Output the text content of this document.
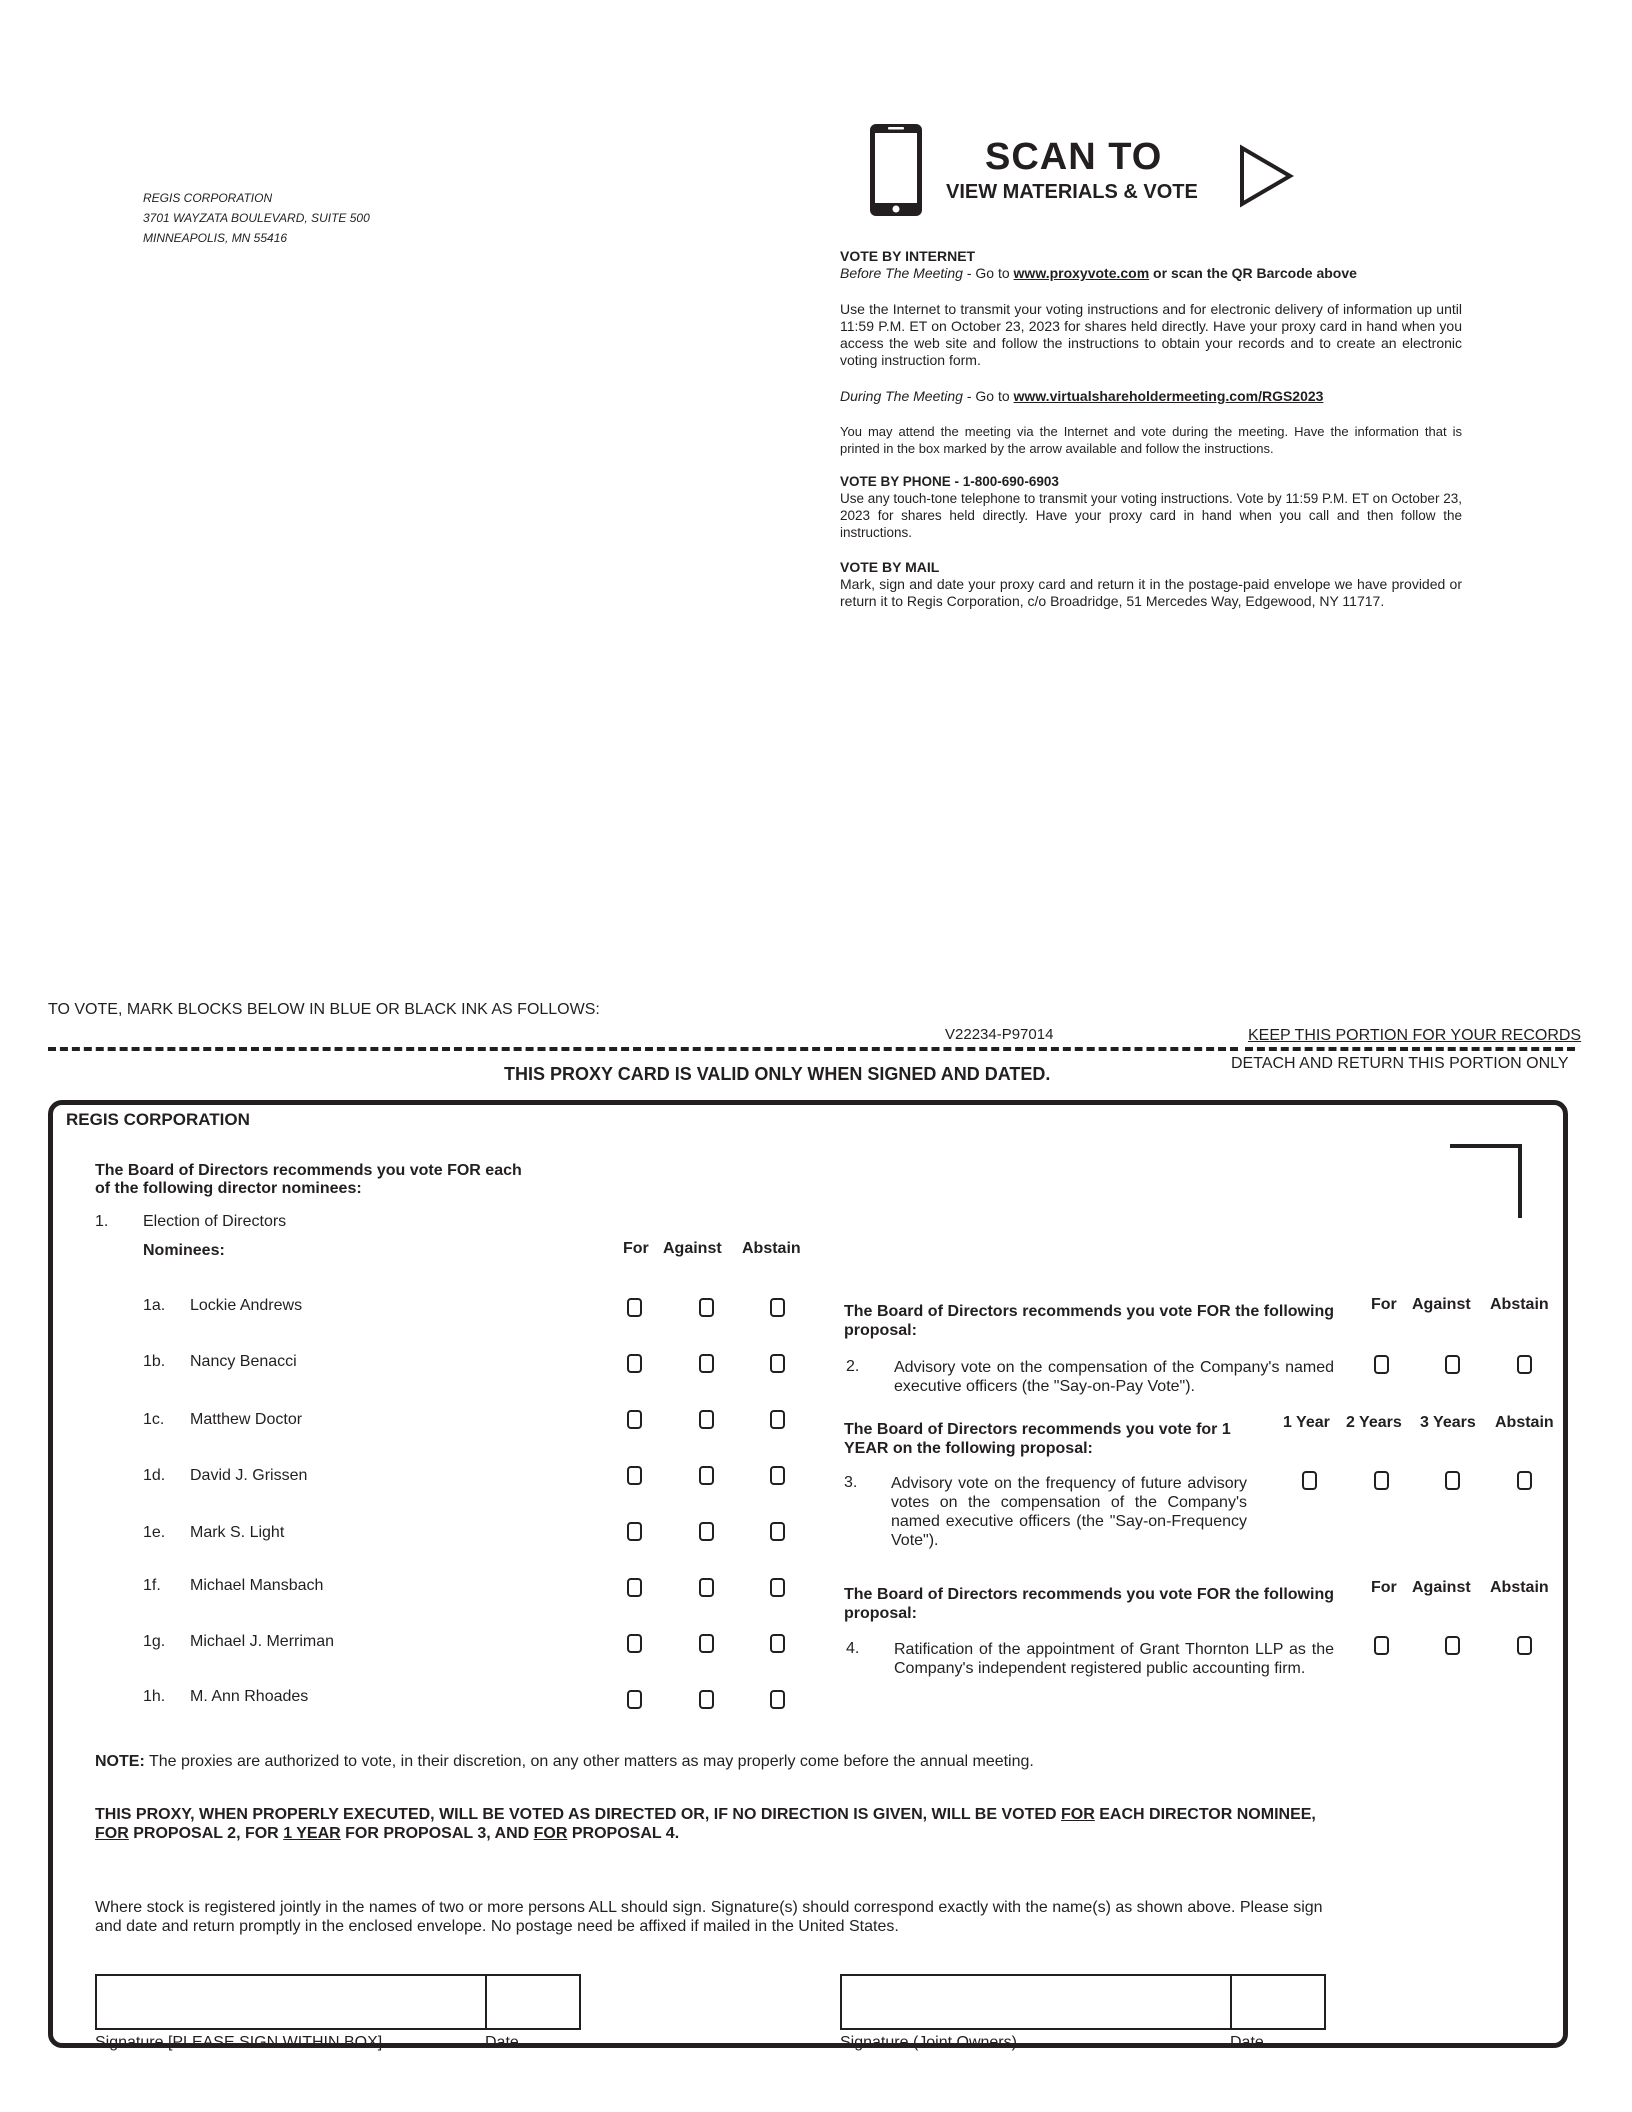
REGIS CORPORATION
3701 WAYZATA BOULEVARD, SUITE 500
MINNEAPOLIS, MN 55416
SCAN TO
VIEW MATERIALS & VOTE
VOTE BY INTERNET
Before The Meeting - Go to www.proxyvote.com or scan the QR Barcode above
Use the Internet to transmit your voting instructions and for electronic delivery of information up until 11:59 P.M. ET on October 23, 2023 for shares held directly. Have your proxy card in hand when you access the web site and follow the instructions to obtain your records and to create an electronic voting instruction form.
During The Meeting - Go to www.virtualshareholdermeeting.com/RGS2023
You may attend the meeting via the Internet and vote during the meeting. Have the information that is printed in the box marked by the arrow available and follow the instructions.
VOTE BY PHONE - 1-800-690-6903
Use any touch-tone telephone to transmit your voting instructions. Vote by 11:59 P.M. ET on October 23, 2023 for shares held directly. Have your proxy card in hand when you call and then follow the instructions.
VOTE BY MAIL
Mark, sign and date your proxy card and return it in the postage-paid envelope we have provided or return it to Regis Corporation, c/o Broadridge, 51 Mercedes Way, Edgewood, NY 11717.
TO VOTE, MARK BLOCKS BELOW IN BLUE OR BLACK INK AS FOLLOWS:
V22234-P97014	KEEP THIS PORTION FOR YOUR RECORDS
DETACH AND RETURN THIS PORTION ONLY
THIS PROXY CARD IS VALID ONLY WHEN SIGNED AND DATED.
REGIS CORPORATION
The Board of Directors recommends you vote FOR each
of the following director nominees:
1. Election of Directors
Nominees:	For Against Abstain
1a. Lockie Andrews
1b. Nancy Benacci
1c. Matthew Doctor
1d. David J. Grissen
1e. Mark S. Light
1f. Michael Mansbach
1g. Michael J. Merriman
1h. M. Ann Rhoades
The Board of Directors recommends you vote FOR the following proposal:
For Against Abstain
2. Advisory vote on the compensation of the Company's named executive officers (the "Say-on-Pay Vote").
The Board of Directors recommends you vote for 1 YEAR on the following proposal:
1 Year 2 Years 3 Years Abstain
3. Advisory vote on the frequency of future advisory votes on the compensation of the Company's named executive officers (the "Say-on-Frequency Vote").
The Board of Directors recommends you vote FOR the following proposal:
For Against Abstain
4. Ratification of the appointment of Grant Thornton LLP as the Company's independent registered public accounting firm.
NOTE: The proxies are authorized to vote, in their discretion, on any other matters as may properly come before the annual meeting.
THIS PROXY, WHEN PROPERLY EXECUTED, WILL BE VOTED AS DIRECTED OR, IF NO DIRECTION IS GIVEN, WILL BE VOTED FOR EACH DIRECTOR NOMINEE, FOR PROPOSAL 2, FOR 1 YEAR FOR PROPOSAL 3, AND FOR PROPOSAL 4.
Where stock is registered jointly in the names of two or more persons ALL should sign. Signature(s) should correspond exactly with the name(s) as shown above. Please sign and date and return promptly in the enclosed envelope. No postage need be affixed if mailed in the United States.
Signature [PLEASE SIGN WITHIN BOX]	Date	Signature (Joint Owners)	Date
